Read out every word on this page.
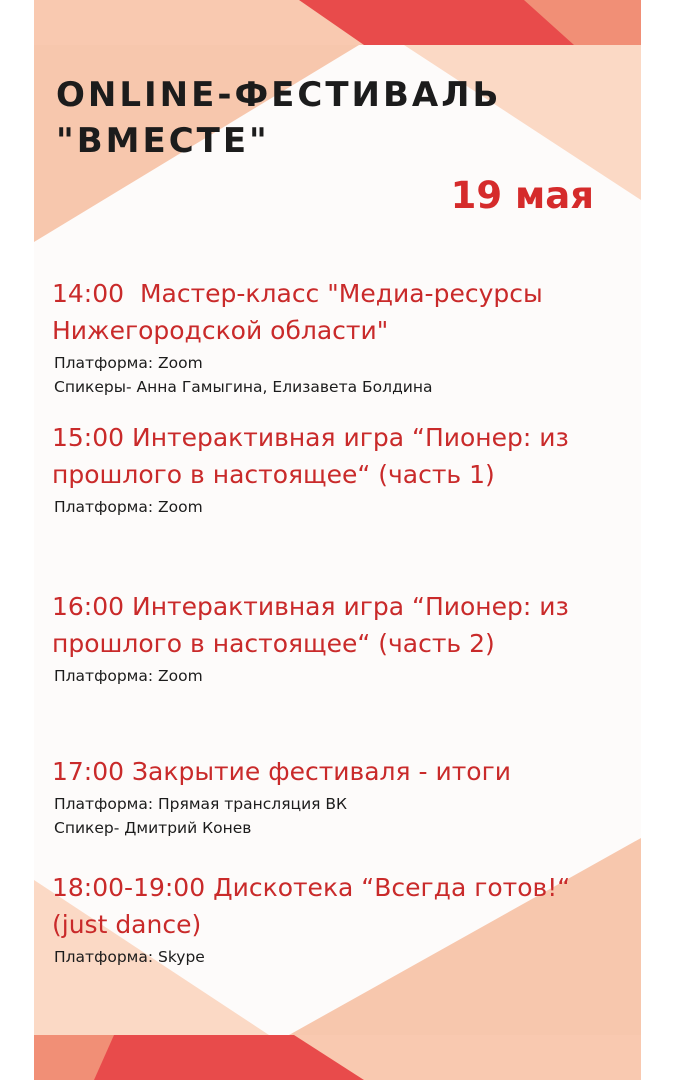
ONLINE-ФЕСТИВАЛЬ
"ВМЕСТЕ"

19 мая

14:00  Мастер-класс "Медиа-ресурсы Нижегородской области"

Платформа: Zoom
Спикеры- Анна Гамыгина, Елизавета Болдина

15:00 Интерактивная игра “Пионер: из прошлого в настоящее“ (часть 1)

Платформа: Zoom

16:00 Интерактивная игра “Пионер: из прошлого в настоящее“ (часть 2)

Платформа: Zoom

17:00 Закрытие фестиваля - итоги

Платформа: Прямая трансляция ВК
Спикер- Дмитрий Конев

18:00-19:00 Дискотека “Всегда готов!“ (just dance)

Платформа: Skype
